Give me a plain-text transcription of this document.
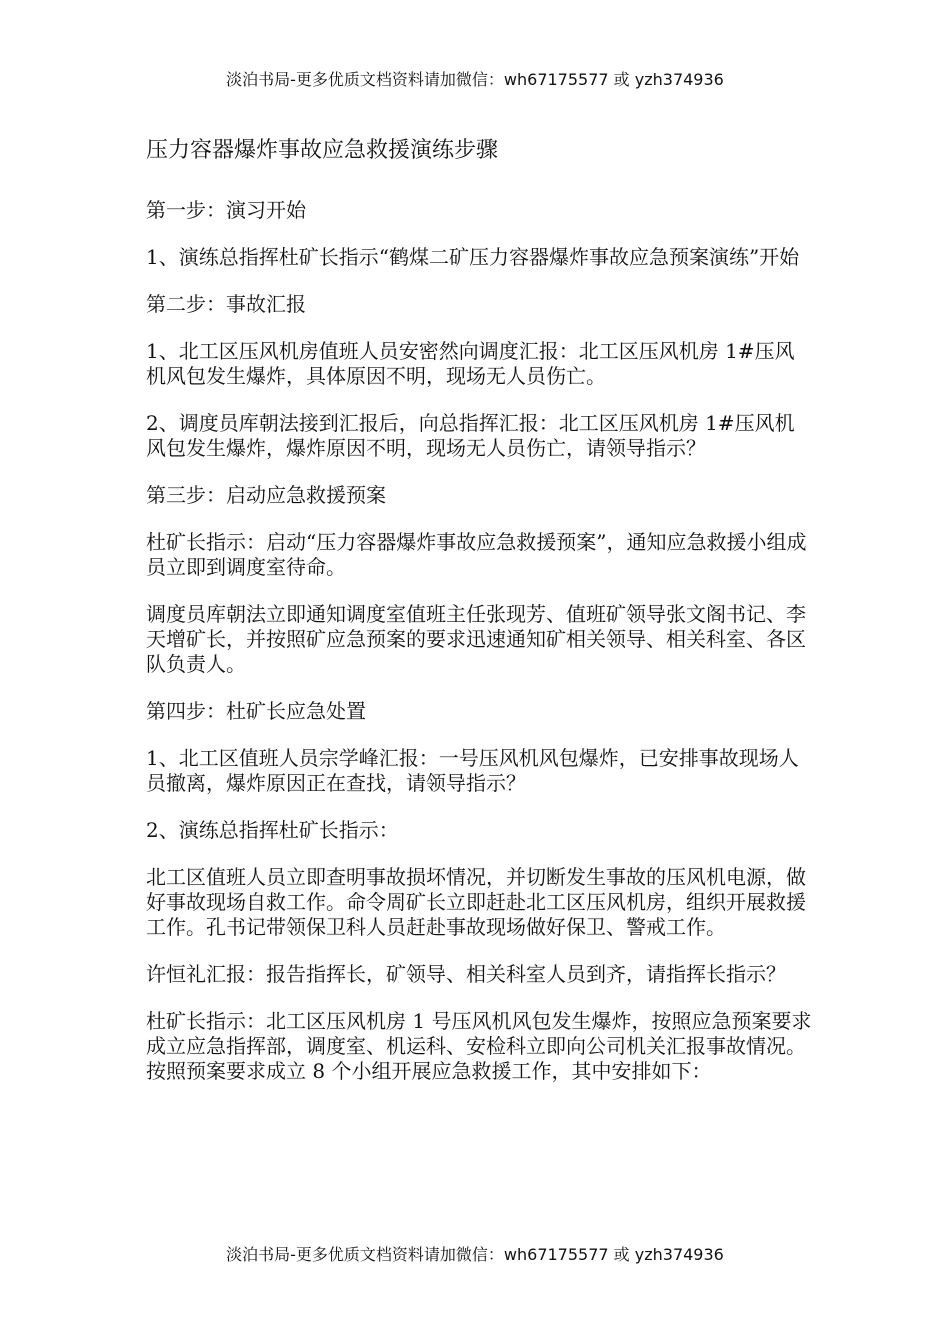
淡泊书局-更多优质文档资料请加微信：wh67175577 或 yzh374936
压力容器爆炸事故应急救援演练步骤

第一步：演习开始

1、演练总指挥杜矿长指示“鹤煤二矿压力容器爆炸事故应急预案演练”开始

第二步：事故汇报

1、北工区压风机房值班人员安密然向调度汇报：北工区压风机房 1#压风机风包发生爆炸，具体原因不明，现场无人员伤亡。

2、调度员库朝法接到汇报后，向总指挥汇报：北工区压风机房 1#压风机风包发生爆炸，爆炸原因不明，现场无人员伤亡，请领导指示？

第三步：启动应急救援预案

杜矿长指示：启动“压力容器爆炸事故应急救援预案”，通知应急救援小组成员立即到调度室待命。

调度员库朝法立即通知调度室值班主任张现芳、值班矿领导张文阁书记、李天增矿长，并按照矿应急预案的要求迅速通知矿相关领导、相关科室、各区队负责人。

第四步：杜矿长应急处置

1、北工区值班人员宗学峰汇报：一号压风机风包爆炸，已安排事故现场人员撤离，爆炸原因正在查找，请领导指示？

2、演练总指挥杜矿长指示：

北工区值班人员立即查明事故损坏情况，并切断发生事故的压风机电源，做好事故现场自救工作。命令周矿长立即赶赴北工区压风机房，组织开展救援工作。孔书记带领保卫科人员赶赴事故现场做好保卫、警戒工作。

许恒礼汇报：报告指挥长，矿领导、相关科室人员到齐，请指挥长指示？

杜矿长指示：北工区压风机房 1 号压风机风包发生爆炸，按照应急预案要求成立应急指挥部，调度室、机运科、安检科立即向公司机关汇报事故情况。按照预案要求成立 8 个小组开展应急救援工作，其中安排如下：

淡泊书局-更多优质文档资料请加微信：wh67175577 或 yzh374936
